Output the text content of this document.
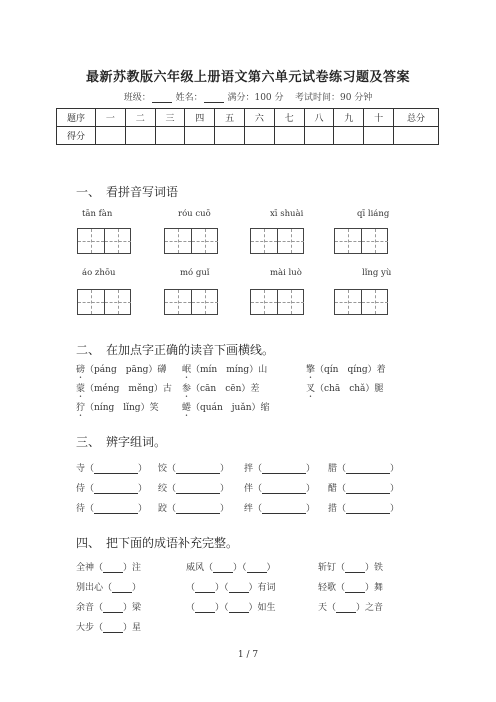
最新苏教版六年级上册语文第六单元试卷练习题及答案
班级：	姓名：	满分：100 分 考试时间：90 分钟
题序	一	二	三	四	五	六	七	八	九	十	总分
得分											
一、　看拼音写词语
tān fàn	róu cuō	xī shuài	qī liáng
áo zhōu	mó guǐ	mài luò	lǐng yù
二、　在加点字正确的读音下画横线。
磅（páng　pāng）礴 岷（mín　míng）山	擎（qín　qíng）着
蒙（méng　měng）古 参（cān　cēn）差	叉（chā　chǎ）腿
狞（níng　lǐng）笑	蜷（quán　juǎn）缩
三、　辨字组词。
寺（	） 饺（	） 拌（	） 腊（	）
侍（	） 绞（	） 伴（	） 醋（	）
待（	） 跤（	） 绊（	） 措（	）
四、　把下面的成语补充完整。
全神（ ）注	威风（ ）（ ）	斩钉（ ）铁
别出心（ ）	（ ）（ ）有词	轻歌（ ）舞
余音（ ）梁	（ ）（ ）如生	天（ ）之音
大步（ ）星
1 / 7
